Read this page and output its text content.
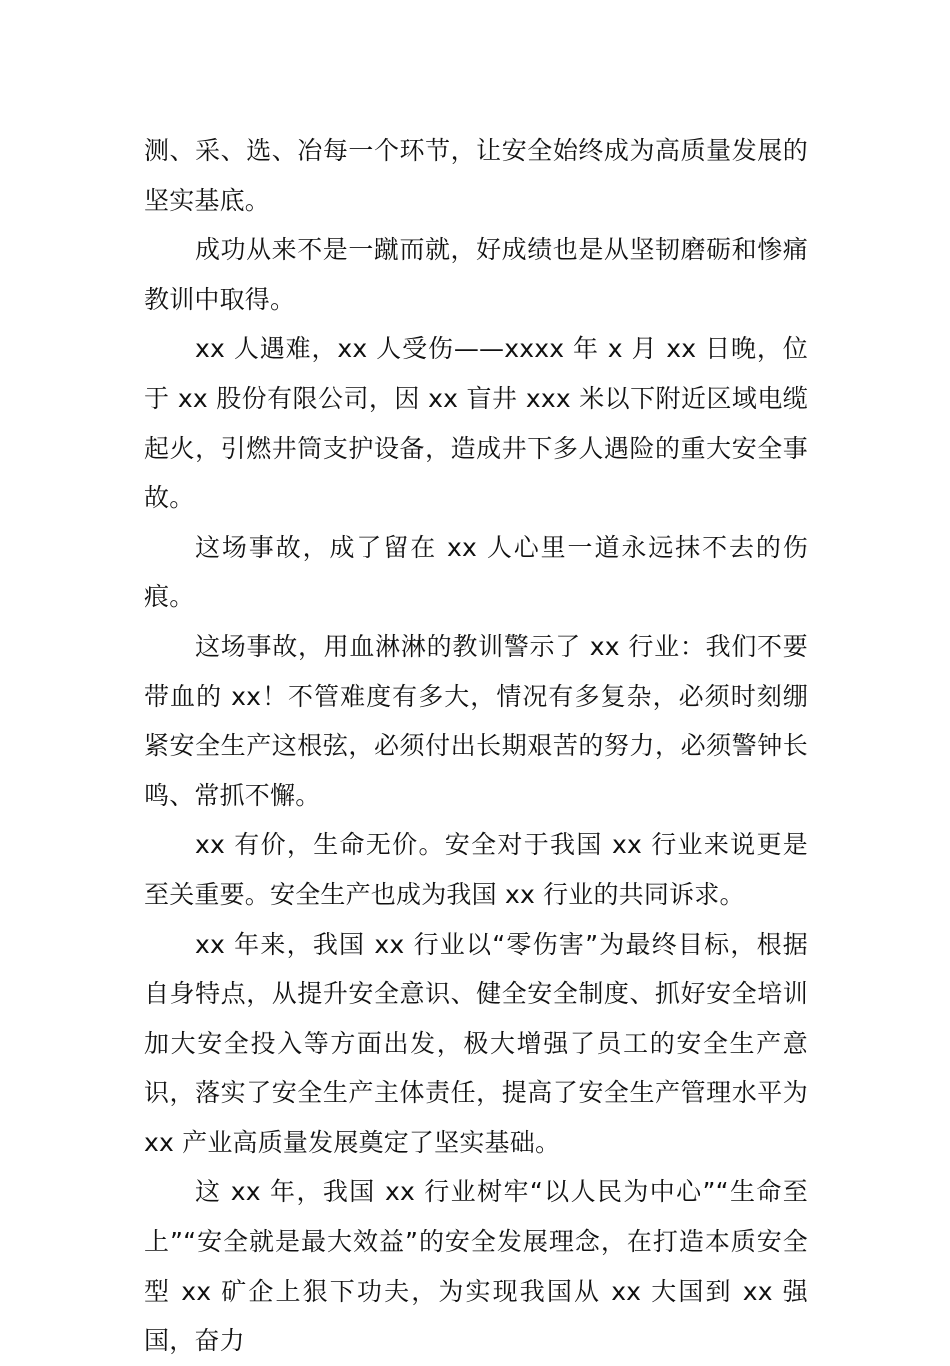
测、采、选、冶每一个环节，让安全始终成为高质量发展的坚实基底。

成功从来不是一蹴而就，好成绩也是从坚韧磨砺和惨痛教训中取得。

xx 人遇难，xx 人受伤——xxxx 年 x 月 xx 日晚，位于 xx 股份有限公司，因 xx 盲井 xxx 米以下附近区域电缆起火，引燃井筒支护设备，造成井下多人遇险的重大安全事故。

这场事故，成了留在 xx 人心里一道永远抹不去的伤痕。

这场事故，用血淋淋的教训警示了 xx 行业：我们不要带血的 xx！不管难度有多大，情况有多复杂，必须时刻绷紧安全生产这根弦，必须付出长期艰苦的努力，必须警钟长鸣、常抓不懈。

xx 有价，生命无价。安全对于我国 xx 行业来说更是至关重要。安全生产也成为我国 xx 行业的共同诉求。

xx 年来，我国 xx 行业以“零伤害”为最终目标，根据自身特点，从提升安全意识、健全安全制度、抓好安全培训加大安全投入等方面出发，极大增强了员工的安全生产意识，落实了安全生产主体责任，提高了安全生产管理水平为 xx 产业高质量发展奠定了坚实基础。

这 xx 年，我国 xx 行业树牢“以人民为中心”“生命至上”“安全就是最大效益”的安全发展理念，在打造本质安全型 xx 矿企上狠下功夫，为实现我国从 xx 大国到 xx 强国，奋力
